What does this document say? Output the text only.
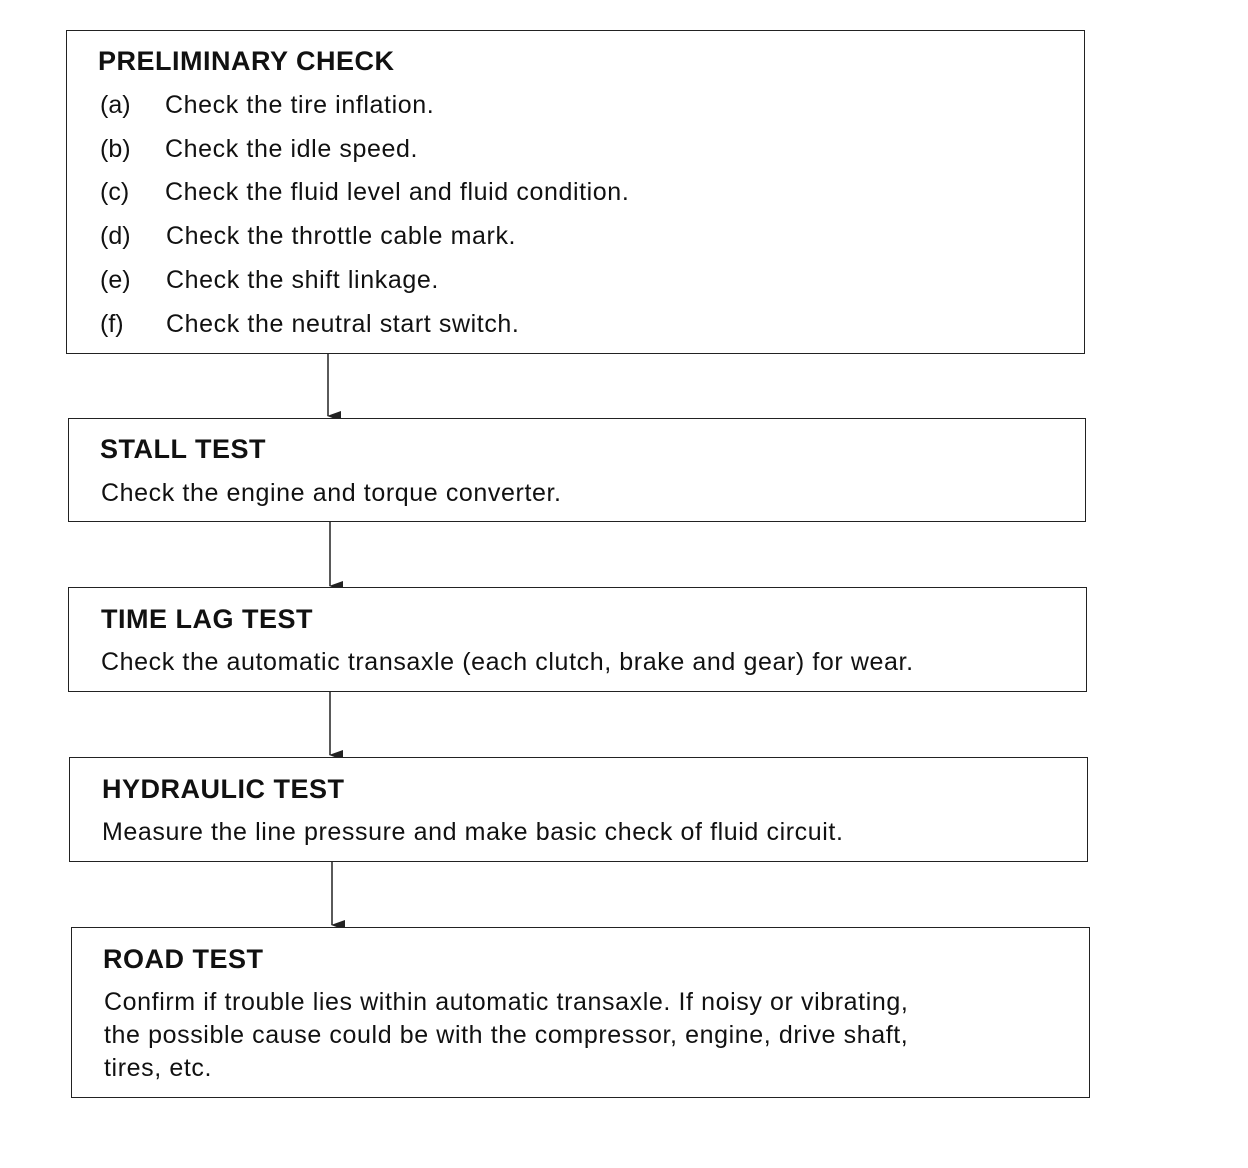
PRELIMINARY CHECK
(a) Check the tire inflation.
(b) Check the idle speed.
(c) Check the fluid level and fluid condition.
(d) Check the throttle cable mark.
(e) Check the shift linkage.
(f) Check the neutral start switch.
STALL TEST
Check the engine and torque converter.
TIME LAG TEST
Check the automatic transaxle (each clutch, brake and gear) for wear.
HYDRAULIC TEST
Measure the line pressure and make basic check of fluid circuit.
ROAD TEST
Confirm if trouble lies within automatic transaxle. If noisy or vibrating,
the possible cause could be with the compressor, engine, drive shaft,
tires, etc.
